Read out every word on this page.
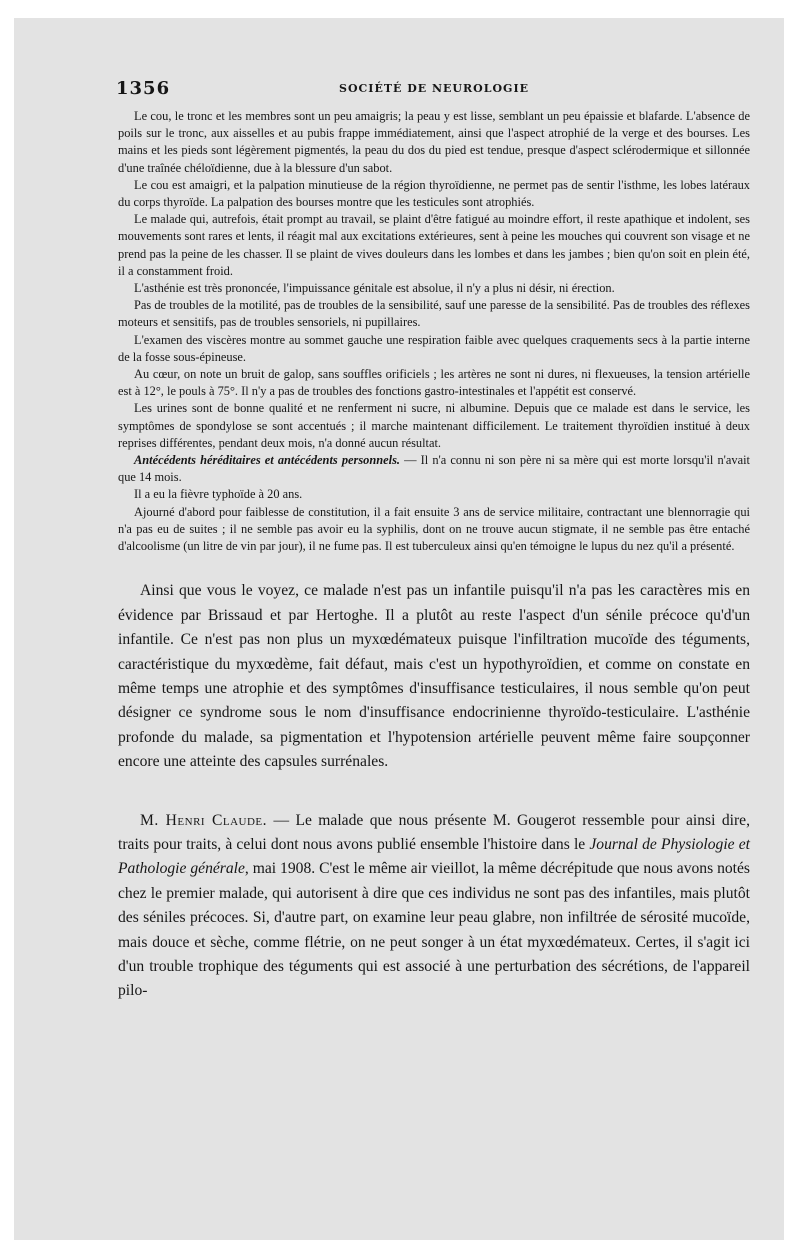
1356	SOCIÉTÉ DE NEUROLOGIE

Le cou, le tronc et les membres sont un peu amaigris; la peau y est lisse, semblant un peu épaissie et blafarde. L'absence de poils sur le tronc, aux aisselles et au pubis frappe immédiatement, ainsi que l'aspect atrophié de la verge et des bourses. Les mains et les pieds sont légèrement pigmentés, la peau du dos du pied est tendue, presque d'aspect sclérodermique et sillonnée d'une traînée chéloïdienne, due à la blessure d'un sabot.

Le cou est amaigri, et la palpation minutieuse de la région thyroïdienne, ne permet pas de sentir l'isthme, les lobes latéraux du corps thyroïde. La palpation des bourses montre que les testicules sont atrophiés.

Le malade qui, autrefois, était prompt au travail, se plaint d'être fatigué au moindre effort, il reste apathique et indolent, ses mouvements sont rares et lents, il réagit mal aux excitations extérieures, sent à peine les mouches qui couvrent son visage et ne prend pas la peine de les chasser. Il se plaint de vives douleurs dans les lombes et dans les jambes ; bien qu'on soit en plein été, il a constamment froid.

L'asthénie est très prononcée, l'impuissance génitale est absolue, il n'y a plus ni désir, ni érection.

Pas de troubles de la motilité, pas de troubles de la sensibilité, sauf une paresse de la sensibilité. Pas de troubles des réflexes moteurs et sensitifs, pas de troubles sensoriels, ni pupillaires.

L'examen des viscères montre au sommet gauche une respiration faible avec quelques craquements secs à la partie interne de la fosse sous-épineuse.

Au cœur, on note un bruit de galop, sans souffles orificiels ; les artères ne sont ni dures, ni flexueuses, la tension artérielle est à 12°, le pouls à 75°. Il n'y a pas de troubles des fonctions gastro-intestinales et l'appétit est conservé.

Les urines sont de bonne qualité et ne renferment ni sucre, ni albumine. Depuis que ce malade est dans le service, les symptômes de spondylose se sont accentués ; il marche maintenant difficilement. Le traitement thyroïdien institué à deux reprises différentes, pendant deux mois, n'a donné aucun résultat.

Antécédents héréditaires et antécédents personnels. — Il n'a connu ni son père ni sa mère qui est morte lorsqu'il n'avait que 14 mois.

Il a eu la fièvre typhoïde à 20 ans.

Ajourné d'abord pour faiblesse de constitution, il a fait ensuite 3 ans de service militaire, contractant une blennorragie qui n'a pas eu de suites ; il ne semble pas avoir eu la syphilis, dont on ne trouve aucun stigmate, il ne semble pas être entaché d'alcoolisme (un litre de vin par jour), il ne fume pas. Il est tuberculeux ainsi qu'en témoigne le lupus du nez qu'il a présenté.

Ainsi que vous le voyez, ce malade n'est pas un infantile puisqu'il n'a pas les caractères mis en évidence par Brissaud et par Hertoghe. Il a plutôt au reste l'aspect d'un sénile précoce qu'd'un infantile. Ce n'est pas non plus un myxœdémateux puisque l'infiltration mucoïde des téguments, caractéristique du myxœdème, fait défaut, mais c'est un hypothyroïdien, et comme on constate en même temps une atrophie et des symptômes d'insuffisance testiculaires, il nous semble qu'on peut désigner ce syndrome sous le nom d'insuffisance endocrinienne thyroïdo-testiculaire. L'asthénie profonde du malade, sa pigmentation et l'hypotension artérielle peuvent même faire soupçonner encore une atteinte des capsules surrénales.

M. Henri Claude. — Le malade que nous présente M. Gougerot ressemble pour ainsi dire, traits pour traits, à celui dont nous avons publié ensemble l'histoire dans le Journal de Physiologie et Pathologie générale, mai 1908. C'est le même air vieillot, la même décrépitude que nous avons notés chez le premier malade, qui autorisent à dire que ces individus ne sont pas des infantiles, mais plutôt des séniles précoces. Si, d'autre part, on examine leur peau glabre, non infiltrée de sérosité mucoïde, mais douce et sèche, comme flétrie, on ne peut songer à un état myxœdémateux. Certes, il s'agit ici d'un trouble trophique des téguments qui est associé à une perturbation des sécrétions, de l'appareil pilo-
